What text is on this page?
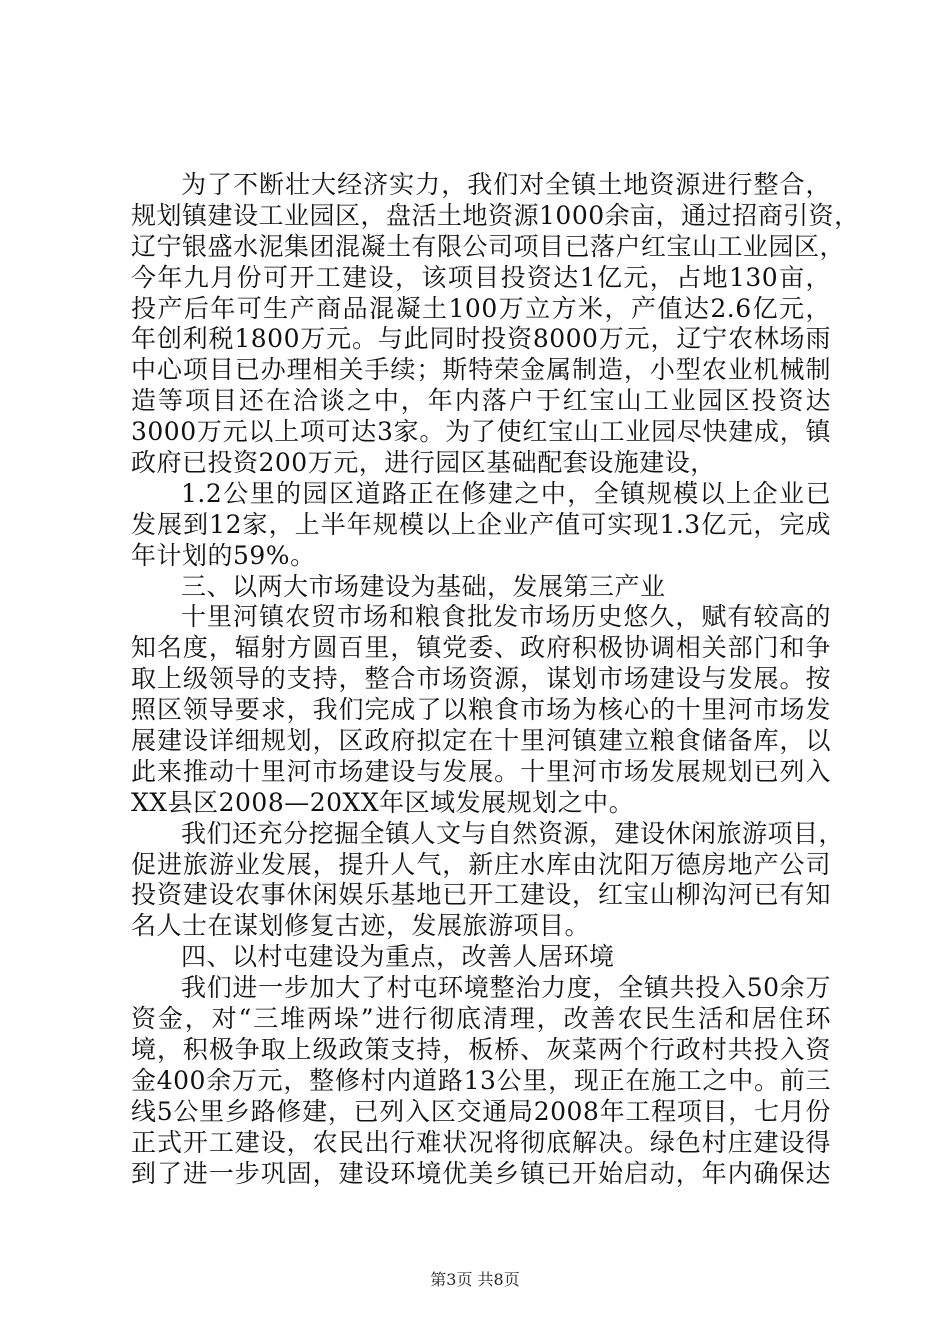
为了不断壮大经济实力，我们对全镇土地资源进行整合，
规划镇建设工业园区，盘活土地资源1000余亩，通过招商引资，
辽宁银盛水泥集团混凝土有限公司项目已落户红宝山工业园区，
今年九月份可开工建设，该项目投资达1亿元，占地130亩，
投产后年可生产商品混凝土100万立方米，产值达2.6亿元，
年创利税1800万元。与此同时投资8000万元，辽宁农林场雨
中心项目已办理相关手续；斯特荣金属制造，小型农业机械制
造等项目还在洽谈之中，年内落户于红宝山工业园区投资达
3000万元以上项可达3家。为了使红宝山工业园尽快建成，镇
政府已投资200万元，进行园区基础配套设施建设，
1.2公里的园区道路正在修建之中，全镇规模以上企业已
发展到12家，上半年规模以上企业产值可实现1.3亿元，完成
年计划的59%。
三、以两大市场建设为基础，发展第三产业
十里河镇农贸市场和粮食批发市场历史悠久，赋有较高的
知名度，辐射方圆百里，镇党委、政府积极协调相关部门和争
取上级领导的支持，整合市场资源，谋划市场建设与发展。按
照区领导要求，我们完成了以粮食市场为核心的十里河市场发
展建设详细规划，区政府拟定在十里河镇建立粮食储备库，以
此来推动十里河市场建设与发展。十里河市场发展规划已列入
XX县区2008—20XX年区域发展规划之中。
我们还充分挖掘全镇人文与自然资源，建设休闲旅游项目，
促进旅游业发展，提升人气，新庄水库由沈阳万德房地产公司
投资建设农事休闲娱乐基地已开工建设，红宝山柳沟河已有知
名人士在谋划修复古迹，发展旅游项目。
四、以村屯建设为重点，改善人居环境
我们进一步加大了村屯环境整治力度，全镇共投入50余万
资金，对“三堆两垛”进行彻底清理，改善农民生活和居住环
境，积极争取上级政策支持，板桥、灰菜两个行政村共投入资
金400余万元，整修村内道路13公里，现正在施工之中。前三
线5公里乡路修建，已列入区交通局2008年工程项目，七月份
正式开工建设，农民出行难状况将彻底解决。绿色村庄建设得
到了进一步巩固，建设环境优美乡镇已开始启动，年内确保达
第3页 共8页
